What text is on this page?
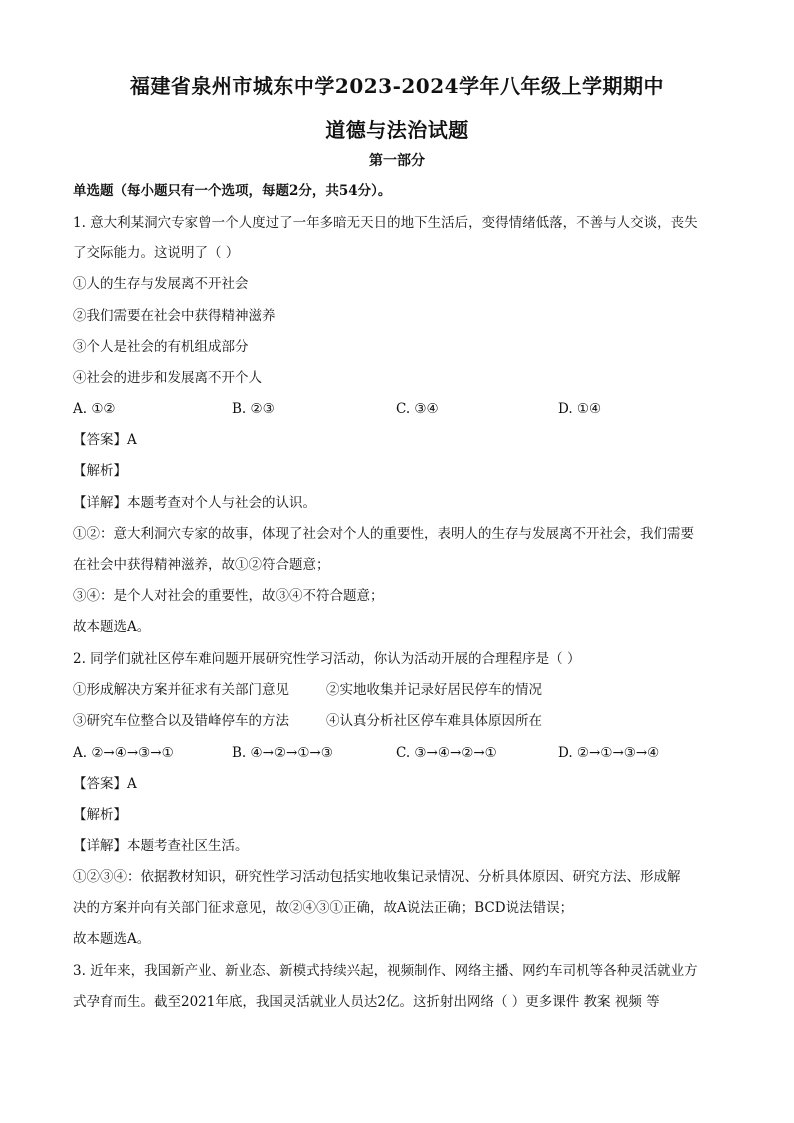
福建省泉州市城东中学2023-2024学年八年级上学期期中
道德与法治试题
第一部分
单选题（每小题只有一个选项，每题2分，共54分）。
1. 意大利某洞穴专家曾一个人度过了一年多暗无天日的地下生活后，变得情绪低落，不善与人交谈，丧失
了交际能力。这说明了（ ）
①人的生存与发展离不开社会
②我们需要在社会中获得精神滋养
③个人是社会的有机组成部分
④社会的进步和发展离不开个人
A. ①②	B. ②③	C. ③④	D. ①④
【答案】A
【解析】
【详解】本题考查对个人与社会的认识。
①②：意大利洞穴专家的故事，体现了社会对个人的重要性，表明人的生存与发展离不开社会，我们需要
在社会中获得精神滋养，故①②符合题意；
③④：是个人对社会的重要性，故③④不符合题意；
故本题选A。
2. 同学们就社区停车难问题开展研究性学习活动，你认为活动开展的合理程序是（ ）
①形成解决方案并征求有关部门意见	②实地收集并记录好居民停车的情况
③研究车位整合以及错峰停车的方法	④认真分析社区停车难具体原因所在
A. ②→④→③→①	B. ④→②→①→③	C. ③→④→②→①	D. ②→①→③→④
【答案】A
【解析】
【详解】本题考查社区生活。
①②③④：依据教材知识，研究性学习活动包括实地收集记录情况、分析具体原因、研究方法、形成解
决的方案并向有关部门征求意见，故②④③①正确，故A说法正确；BCD说法错误；
故本题选A。
3. 近年来，我国新产业、新业态、新模式持续兴起，视频制作、网络主播、网约车司机等各种灵活就业方
式孕育而生。截至2021年底，我国灵活就业人员达2亿。这折射出网络（ ）更多课件 教案 视频 等
